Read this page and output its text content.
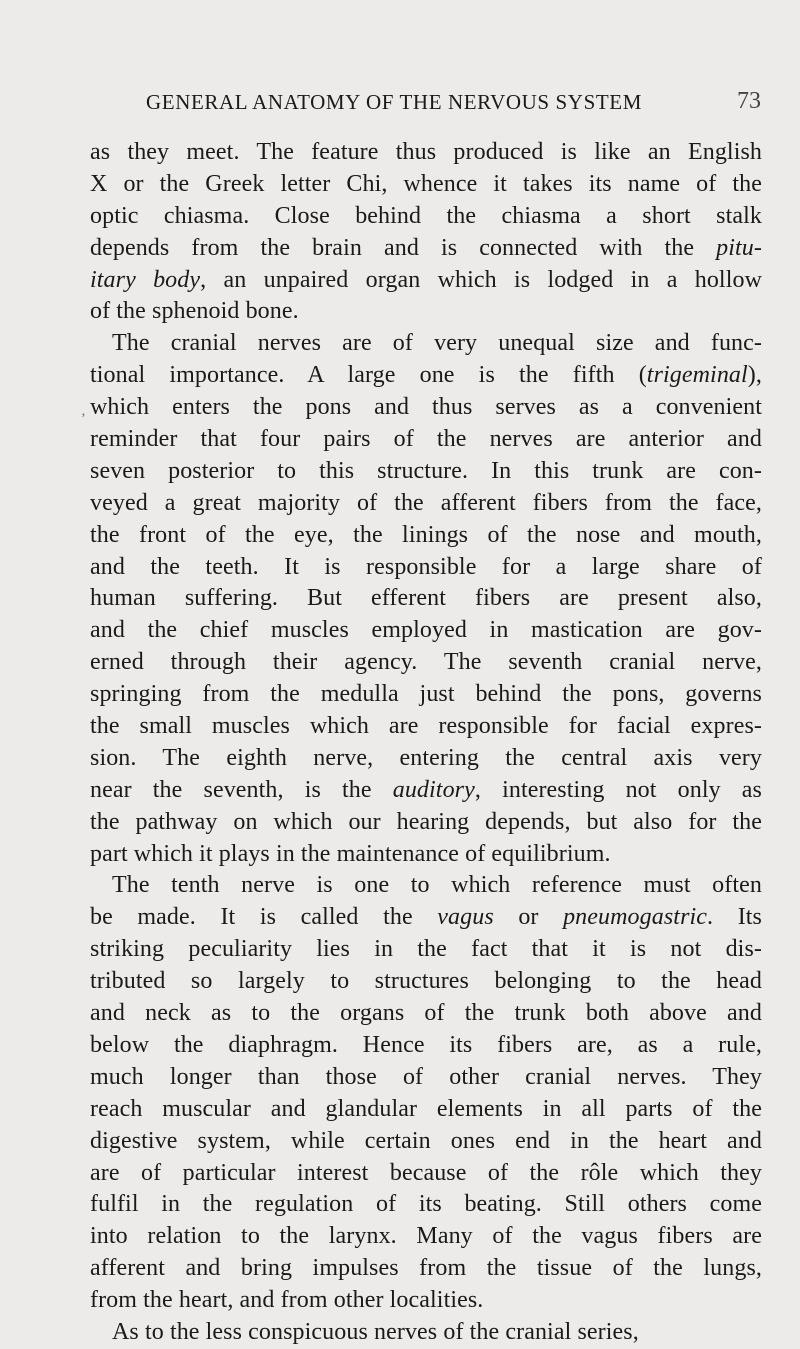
GENERAL ANATOMY OF THE NERVOUS SYSTEM	73
‚
as they meet. The feature thus produced is like an English
X or the Greek letter Chi, whence it takes its name of the
optic chiasma. Close behind the chiasma a short stalk
depends from the brain and is connected with the pitu-
itary body, an unpaired organ which is lodged in a hollow
of the sphenoid bone.
The cranial nerves are of very unequal size and func-
tional importance. A large one is the fifth (trigeminal),
which enters the pons and thus serves as a convenient
reminder that four pairs of the nerves are anterior and
seven posterior to this structure. In this trunk are con-
veyed a great majority of the afferent fibers from the face,
the front of the eye, the linings of the nose and mouth,
and the teeth. It is responsible for a large share of
human suffering. But efferent fibers are present also,
and the chief muscles employed in mastication are gov-
erned through their agency. The seventh cranial nerve,
springing from the medulla just behind the pons, governs
the small muscles which are responsible for facial expres-
sion. The eighth nerve, entering the central axis very
near the seventh, is the auditory, interesting not only as
the pathway on which our hearing depends, but also for the
part which it plays in the maintenance of equilibrium.
The tenth nerve is one to which reference must often
be made. It is called the vagus or pneumogastric. Its
striking peculiarity lies in the fact that it is not dis-
tributed so largely to structures belonging to the head
and neck as to the organs of the trunk both above and
below the diaphragm. Hence its fibers are, as a rule,
much longer than those of other cranial nerves. They
reach muscular and glandular elements in all parts of the
digestive system, while certain ones end in the heart and
are of particular interest because of the rôle which they
fulfil in the regulation of its beating. Still others come
into relation to the larynx. Many of the vagus fibers are
afferent and bring impulses from the tissue of the lungs,
from the heart, and from other localities.
As to the less conspicuous nerves of the cranial series,
